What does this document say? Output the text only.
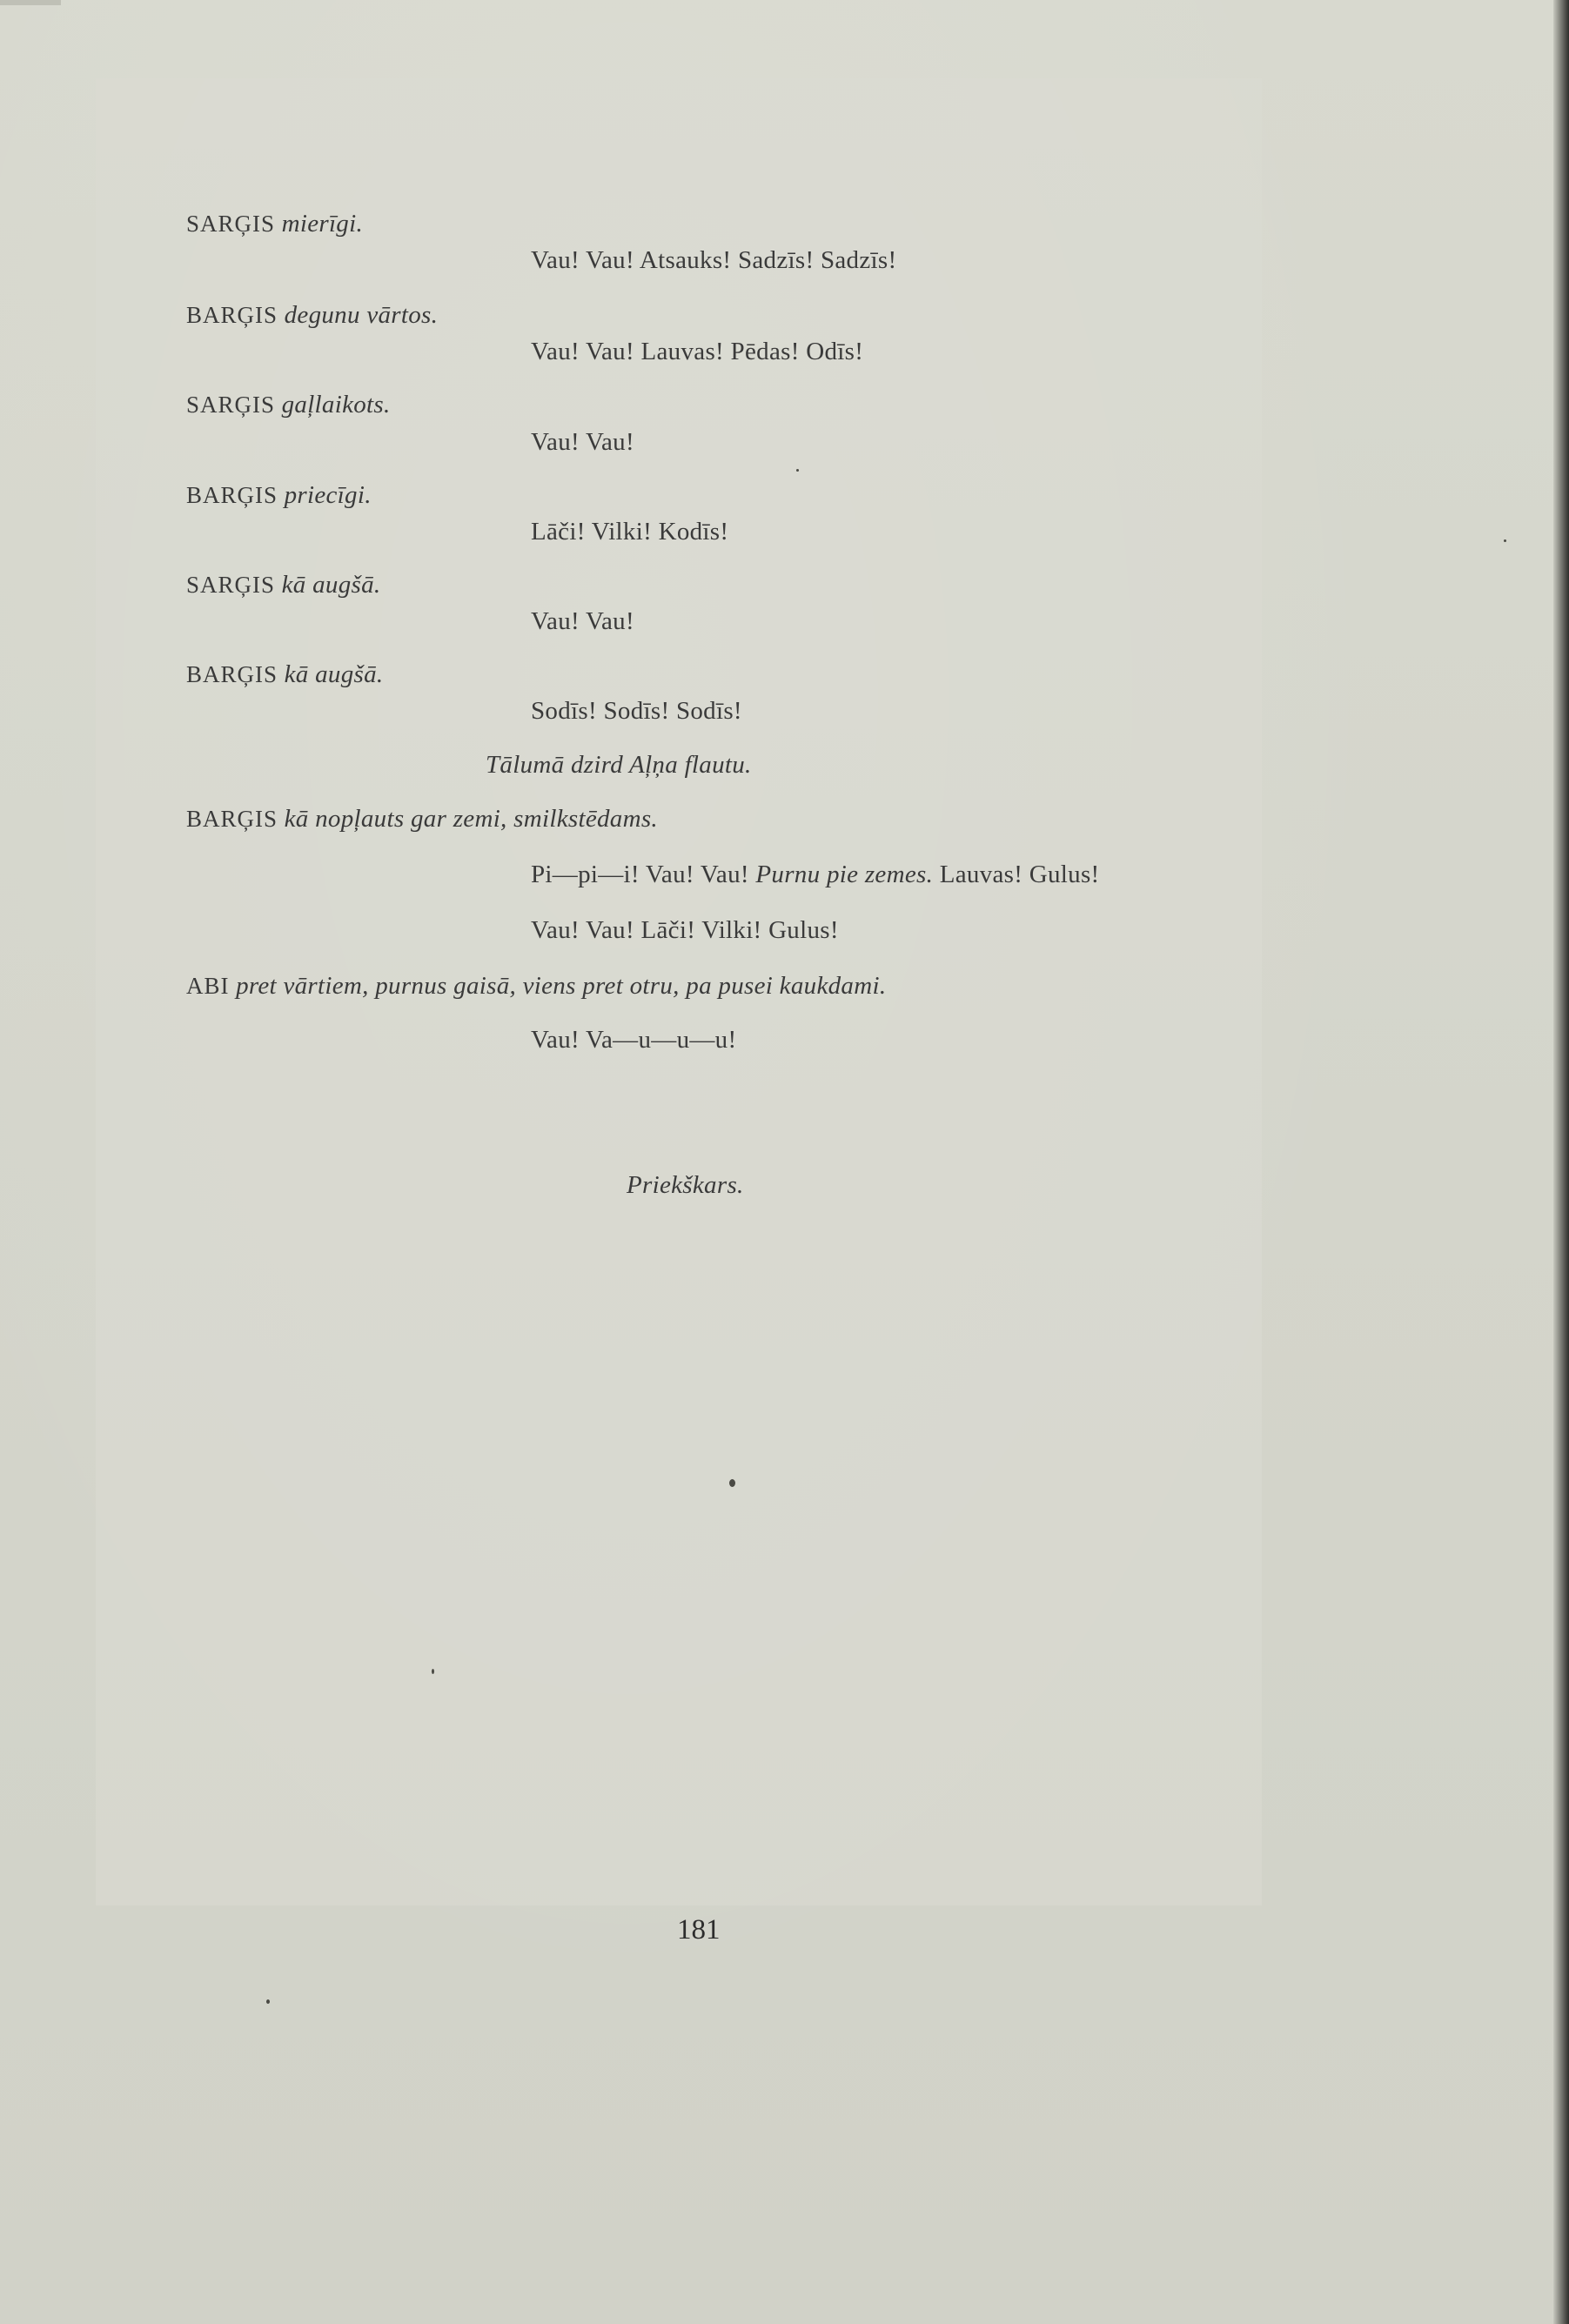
SARĢIS mierīgi.
Vau! Vau! Atsauks! Sadzīs! Sadzīs!
BARĢIS degunu vārtos.
Vau! Vau! Lauvas! Pēdas! Odīs!
SARĢIS gaļlaikots.
Vau! Vau!
BARĢIS priecīgi.
Lāči! Vilki! Kodīs!
SARĢIS kā augšā.
Vau! Vau!
BARĢIS kā augšā.
Sodīs! Sodīs! Sodīs!
Tālumā dzird Aļņa flautu.
BARĢIS kā nopļauts gar zemi, smilkstēdams.
Pi—pi—i! Vau! Vau! Purnu pie zemes. Lauvas! Gulus!
Vau! Vau! Lāči! Vilki! Gulus!
ABI pret vārtiem, purnus gaisā, viens pret otru, pa pusei kaukdami.
Vau! Va—u—u—u!
Priekškars.
181
